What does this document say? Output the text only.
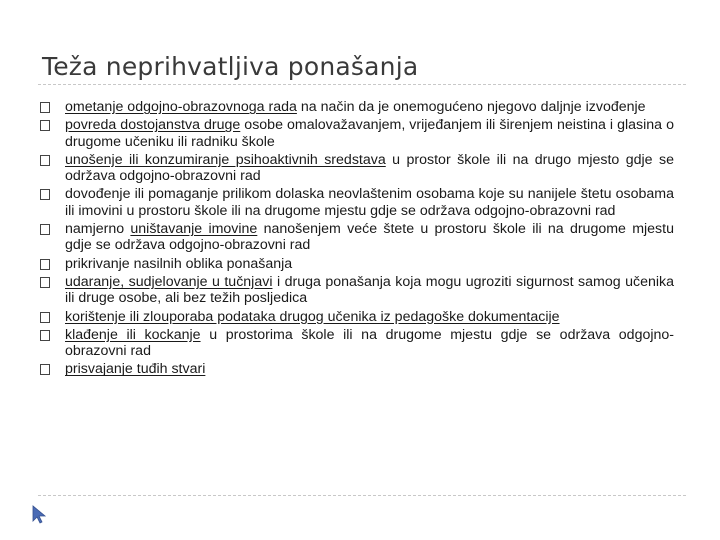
Teža neprihvatljiva ponašanja
ometanje odgojno-obrazovnoga rada na način da je onemogućeno njegovo daljnje izvođenje
povreda dostojanstva druge osobe omalovažavanjem, vrijeđanjem ili širenjem neistina i glasina o drugome učeniku ili radniku škole
unošenje ili konzumiranje psihoaktivnih sredstava u prostor škole ili na drugo mjesto gdje se održava odgojno-obrazovni rad
dovođenje ili pomaganje prilikom dolaska neovlaštenim osobama koje su nanijele štetu osobama ili imovini u prostoru škole ili na drugome mjestu gdje se održava odgojno-obrazovni rad
namjerno uništavanje imovine nanošenjem veće štete u prostoru škole ili na drugome mjestu gdje se održava odgojno-obrazovni rad
prikrivanje nasilnih oblika ponašanja
udaranje, sudjelovanje u tučnjavi i druga ponašanja koja mogu ugroziti sigurnost samog učenika ili druge osobe, ali bez težih posljedica
korištenje ili zlouporaba podataka drugog učenika iz pedagoške dokumentacije
klađenje ili kockanje u prostorima škole ili na drugome mjestu gdje se održava odgojno-obrazovni rad
prisvajanje tuđih stvari
